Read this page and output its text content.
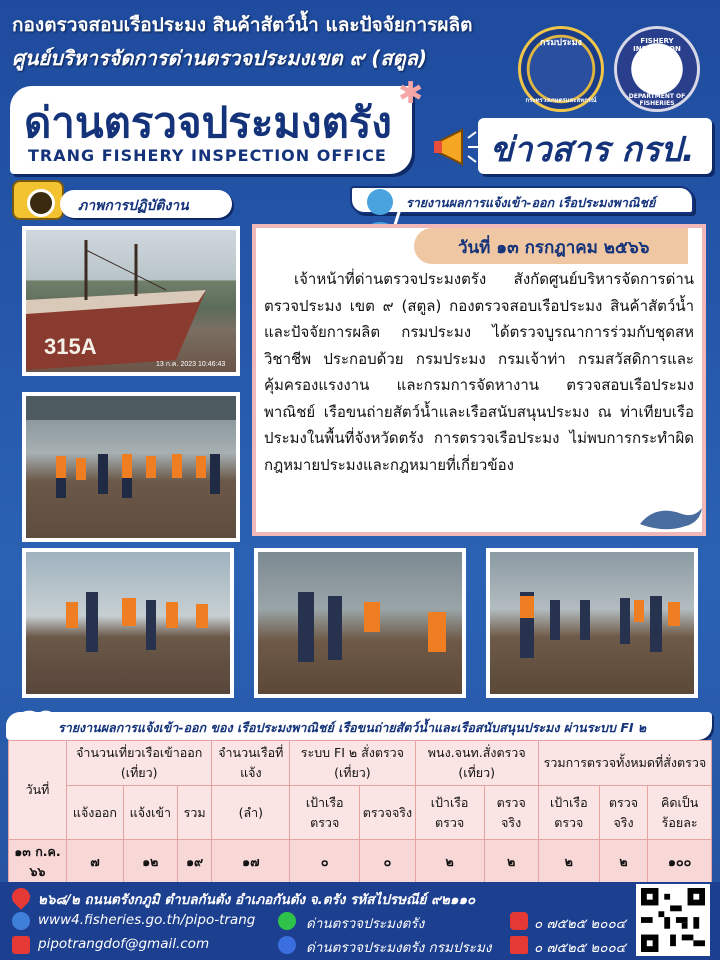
กองตรวจสอบเรือประมง สินค้าสัตว์น้ำ และปัจจัยการผลิต
ศูนย์บริหารจัดการด่านตรวจประมงเขต ๙ (สตูล)
กรมประมง
กระทรวงเกษตรและสหกรณ์
FISHERY INSPECTION
DEPARTMENT OF FISHERIES
ด่านตรวจประมงตรัง
TRANG FISHERY INSPECTION OFFICE
✱
ข่าวสาร กรป.
ภาพการปฏิบัติงาน	รายงานผลการแจ้งเข้า-ออก เรือประมงพาณิชย์
315A
13 ก.ค. 2023 10:46:43
วันที่ ๑๓ กรกฎาคม ๒๕๖๖
เจ้าหน้าที่ด่านตรวจประมงตรัง สังกัดศูนย์บริหารจัดการด่านตรวจประมง เขต ๙ (สตูล) กองตรวจสอบเรือประมง สินค้าสัตว์น้ำ และปัจจัยการผลิต กรมประมง ได้ตรวจบูรณาการร่วมกับชุดสหวิชาชีพ ประกอบด้วย กรมประมง กรมเจ้าท่า กรมสวัสดิการและคุ้มครองแรงงาน และกรมการจัดหางาน ตรวจสอบเรือประมงพาณิชย์ เรือขนถ่ายสัตว์น้ำและเรือสนับสนุนประมง ณ ท่าเทียบเรือประมงในพื้นที่จังหวัดตรัง การตรวจเรือประมง ไม่พบการกระทำผิดกฎหมายประมงและกฎหมายที่เกี่ยวข้อง
รายงานผลการแจ้งเข้า-ออก ของ เรือประมงพาณิชย์ เรือขนถ่ายสัตว์น้ำและเรือสนับสนุนประมง ผ่านระบบ FI ๒
วันที่	จำนวนเที่ยวเรือเข้าออก (เที่ยว)			จำนวนเรือที่แจ้ง	ระบบ FI ๒ สั่งตรวจ (เที่ยว)		พนง.จนท.สั่งตรวจ (เที่ยว)		รวมการตรวจทั้งหมดที่สั่งตรวจ		
	แจ้งออก	แจ้งเข้า	รวม	(ลำ)	เป้าเรือตรวจ	ตรวจจริง	เป้าเรือตรวจ	ตรวจจริง	เป้าเรือตรวจ	ตรวจจริง	คิดเป็นร้อยละ
๑๓ ก.ค. ๖๖	๗	๑๒	๑๙	๑๗	๐	๐	๒	๒	๒	๒	๑๐๐
๒๖๘/๒ ถนนตรังกภูมิ ตำบลกันตัง อำเภอกันตัง จ.ตรัง รหัสไปรษณีย์ ๙๒๑๑๐
www4.fisheries.go.th/pipo-trang
pipotrangdof@gmail.com
ด่านตรวจประมงตรัง
ด่านตรวจประมงตรัง กรมประมง
๐ ๗๕๒๕ ๒๐๐๔
๐ ๗๕๒๕ ๒๐๐๔
